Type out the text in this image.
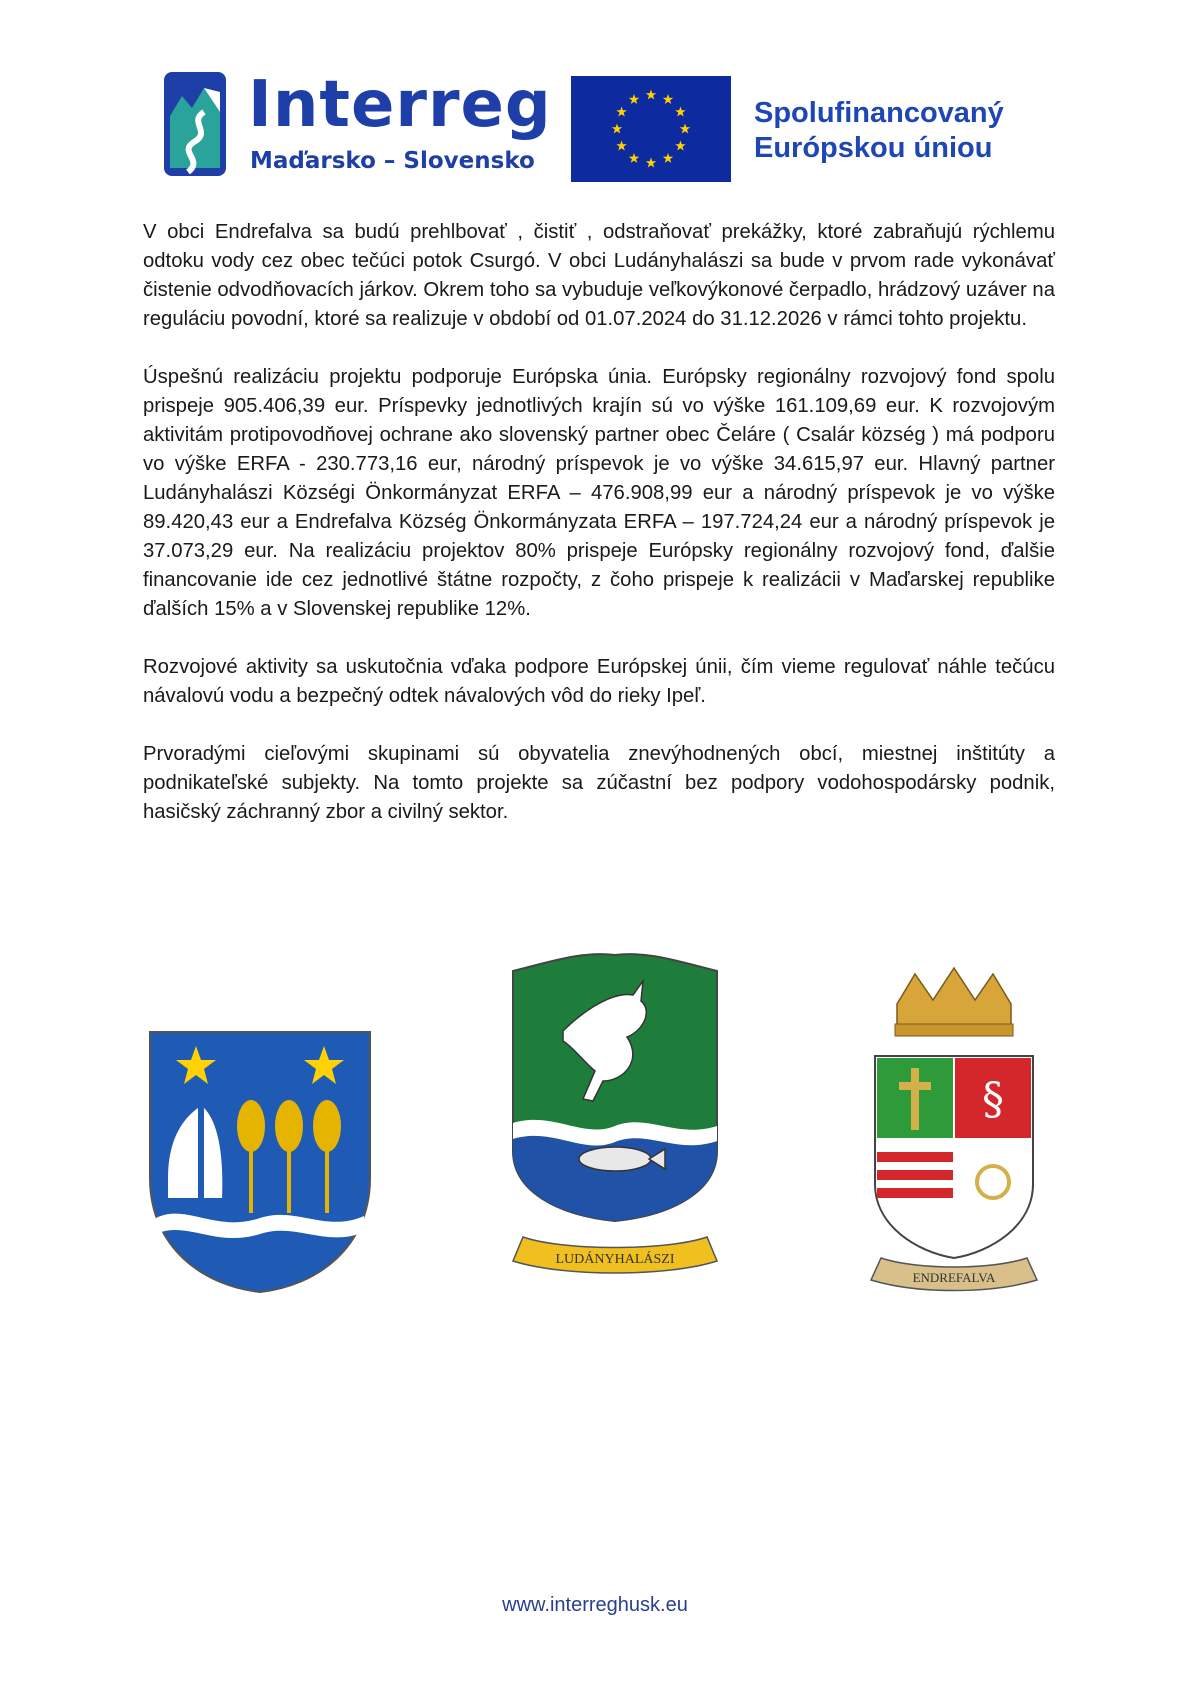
Interreg
Maďarsko – Slovensko
Spolufinancovaný
Európskou úniou

V obci Endrefalva sa budú prehlbovať , čistiť , odstraňovať prekážky, ktoré zabraňujú rýchlemu odtoku vody cez obec tečúci potok Csurgó. V obci Ludányhalászi sa bude v prvom rade vykonávať čistenie odvodňovacích járkov. Okrem toho sa vybuduje veľkovýkonové čerpadlo, hrádzový uzáver na reguláciu povodní, ktoré sa realizuje v období od 01.07.2024 do 31.12.2026 v rámci tohto projektu.

Úspešnú realizáciu projektu podporuje Európska únia. Európsky regionálny rozvojový fond spolu prispeje 905.406,39 eur. Príspevky jednotlivých krajín sú vo výške 161.109,69 eur. K rozvojovým aktivitám protipovodňovej ochrane ako slovenský partner obec Čeláre ( Csalár község ) má podporu vo výške ERFA - 230.773,16 eur, národný príspevok je vo výške 34.615,97 eur. Hlavný partner Ludányhalászi Községi Önkormányzat ERFA – 476.908,99 eur a národný príspevok je vo výške 89.420,43 eur a Endrefalva Község Önkormányzata ERFA – 197.724,24 eur a národný príspevok je 37.073,29 eur. Na realizáciu projektov 80% prispeje Európsky regionálny rozvojový fond, ďalšie financovanie ide cez jednotlivé štátne rozpočty, z čoho prispeje k realizácii v Maďarskej republike ďalších 15% a v Slovenskej republike 12%.

Rozvojové aktivity sa uskutočnia vďaka podpore Európskej únii, čím vieme regulovať náhle tečúcu návalovú vodu a bezpečný odtek návalových vôd do rieky Ipeľ.

Prvoradými cieľovými skupinami sú obyvatelia znevýhodnených obcí, miestnej inštitúty a podnikateľské subjekty. Na tomto projekte sa zúčastní bez podpory vodohospodársky podnik, hasičský záchranný zbor a civilný sektor.

LUDÁNYHALÁSZI
§
ENDREFALVA
www.interreghusk.eu
